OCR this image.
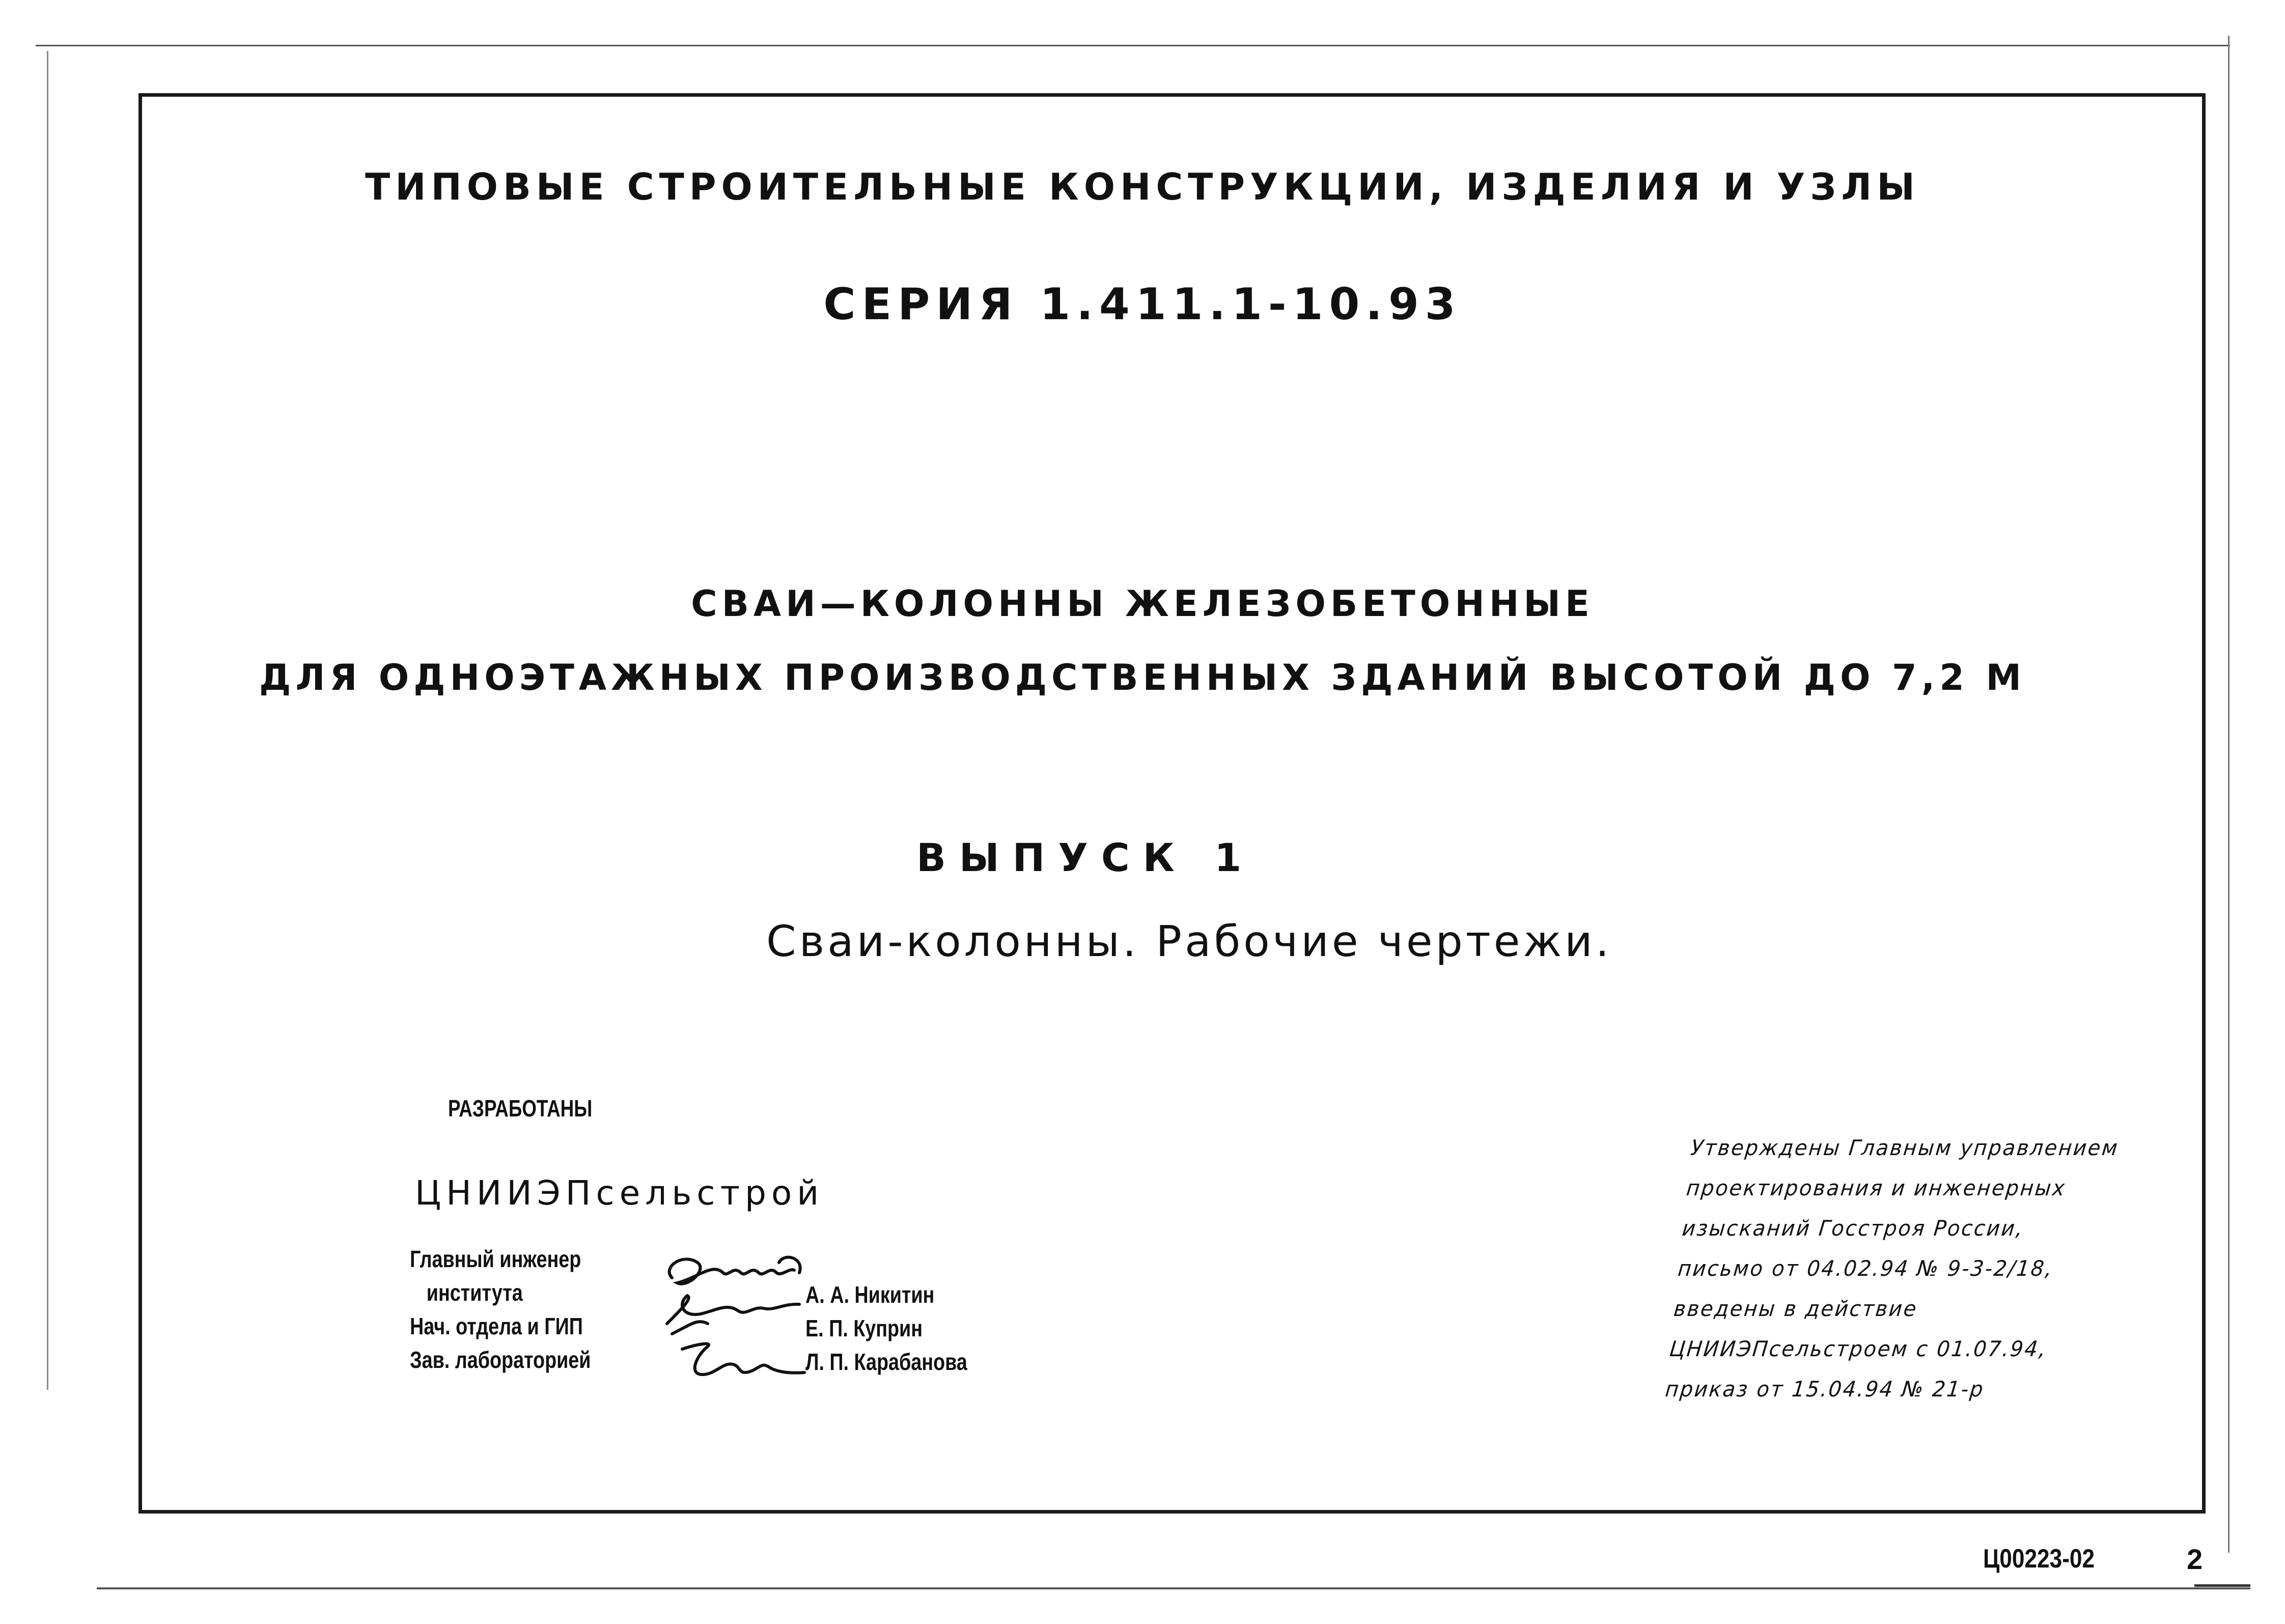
ТИПОВЫЕ СТРОИТЕЛЬНЫЕ КОНСТРУКЦИИ, ИЗДЕЛИЯ И УЗЛЫ
СЕРИЯ 1.411.1-10.93
СВАИ—КОЛОННЫ ЖЕЛЕЗОБЕТОННЫЕ
ДЛЯ ОДНОЭТАЖНЫХ ПРОИЗВОДСТВЕННЫХ ЗДАНИЙ ВЫСОТОЙ ДО 7,2 М
ВЫПУСК 1
Сваи-колонны. Рабочие чертежи.
РАЗРАБОТАНЫ
ЦНИИЭПсельстрой
Главный инженер
института
Нач. отдела и ГИП
Зав. лабораторией
А. А. Никитин
Е. П. Куприн
Л. П. Карабанова
Утверждены Главным управлением
проектирования и инженерных
изысканий Госстроя России,
письмо от 04.02.94 № 9-3-2/18,
введены в действие
ЦНИИЭПсельстроем с 01.07.94,
приказ от 15.04.94 № 21-р
Ц00223-02	2
